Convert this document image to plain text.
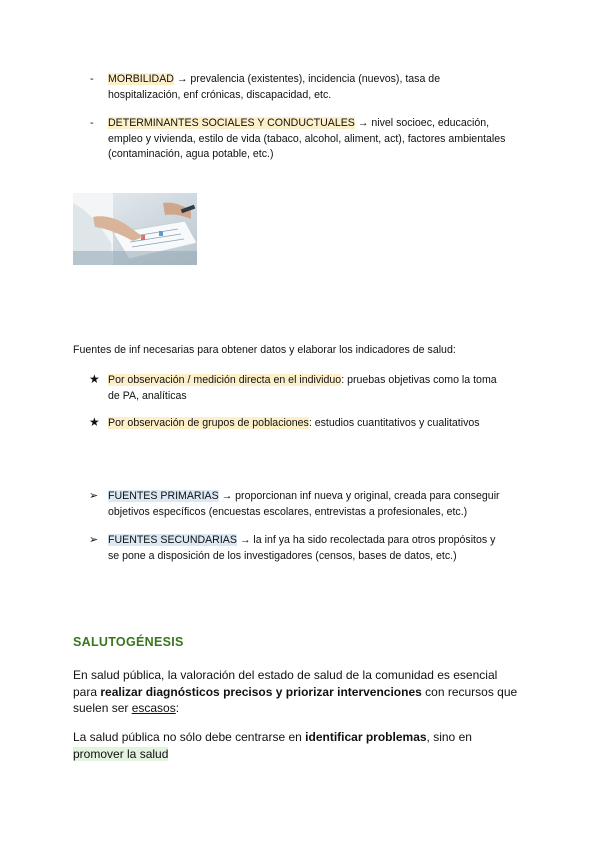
- MORBILIDAD → prevalencia (existentes), incidencia (nuevos), tasa de
hospitalización, enf crónicas, discapacidad, etc.
- DETERMINANTES SOCIALES Y CONDUCTUALES → nivel socioec, educación,
empleo y vivienda, estilo de vida (tabaco, alcohol, aliment, act), factores ambientales
(contaminación, agua potable, etc.)
Fuentes de inf necesarias para obtener datos y elaborar los indicadores de salud:
★ Por observación / medición directa en el individuo: pruebas objetivas como la toma
de PA, analíticas
★ Por observación de grupos de poblaciones: estudios cuantitativos y cualitativos
➢ FUENTES PRIMARIAS → proporcionan inf nueva y original, creada para conseguir
objetivos específicos (encuestas escolares, entrevistas a profesionales, etc.)
➢ FUENTES SECUNDARIAS → la inf ya ha sido recolectada para otros propósitos y
se pone a disposición de los investigadores (censos, bases de datos, etc.)
SALUTOGÉNESIS
En salud pública, la valoración del estado de salud de la comunidad es esencial
para realizar diagnósticos precisos y priorizar intervenciones con recursos que
suelen ser escasos:
La salud pública no sólo debe centrarse en identificar problemas, sino en
promover la salud
